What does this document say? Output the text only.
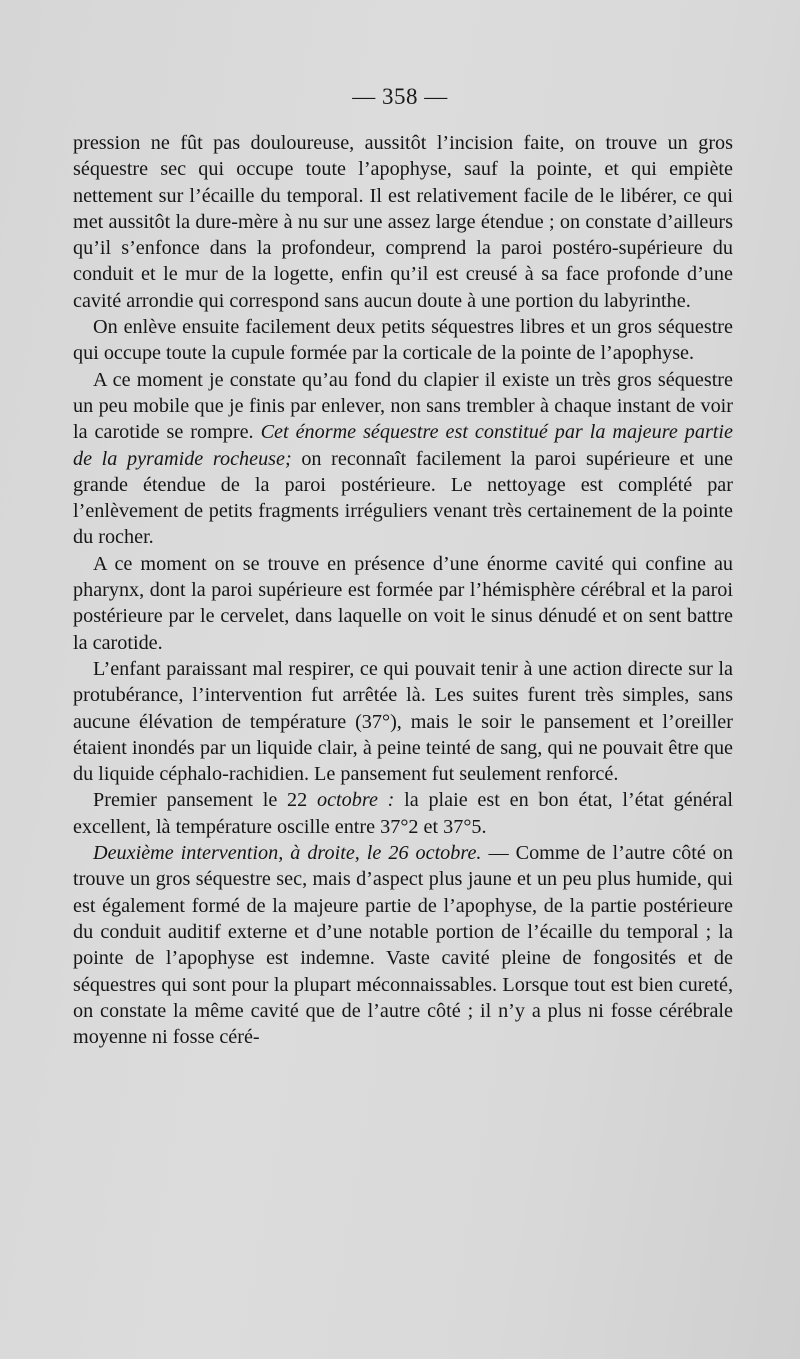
— 358 —

pression ne fût pas douloureuse, aussitôt l’incision faite, on trouve un gros séquestre sec qui occupe toute l’apophyse, sauf la pointe, et qui empiète nettement sur l’écaille du temporal. Il est relativement facile de le libérer, ce qui met aussitôt la dure-mère à nu sur une assez large étendue ; on constate d’ailleurs qu’il s’enfonce dans la profondeur, comprend la paroi postéro-supérieure du conduit et le mur de la logette, enfin qu’il est creusé à sa face profonde d’une cavité arrondie qui correspond sans aucun doute à une portion du labyrinthe.

On enlève ensuite facilement deux petits séquestres libres et un gros séquestre qui occupe toute la cupule formée par la corticale de la pointe de l’apophyse.

A ce moment je constate qu’au fond du clapier il existe un très gros séquestre un peu mobile que je finis par enlever, non sans trembler à chaque instant de voir la carotide se rompre. Cet énorme séquestre est constitué par la majeure partie de la pyramide rocheuse; on reconnaît facilement la paroi supérieure et une grande étendue de la paroi postérieure. Le nettoyage est complété par l’enlèvement de petits fragments irréguliers venant très certainement de la pointe du rocher.

A ce moment on se trouve en présence d’une énorme cavité qui confine au pharynx, dont la paroi supérieure est formée par l’hémisphère cérébral et la paroi postérieure par le cervelet, dans laquelle on voit le sinus dénudé et on sent battre la carotide.

L’enfant paraissant mal respirer, ce qui pouvait tenir à une action directe sur la protubérance, l’intervention fut arrêtée là. Les suites furent très simples, sans aucune élévation de température (37°), mais le soir le pansement et l’oreiller étaient inondés par un liquide clair, à peine teinté de sang, qui ne pouvait être que du liquide céphalo-rachidien. Le pansement fut seulement renforcé.

Premier pansement le 22 octobre : la plaie est en bon état, l’état général excellent, là température oscille entre 37°2 et 37°5.

Deuxième intervention, à droite, le 26 octobre. — Comme de l’autre côté on trouve un gros séquestre sec, mais d’aspect plus jaune et un peu plus humide, qui est également formé de la majeure partie de l’apophyse, de la partie postérieure du conduit auditif externe et d’une notable portion de l’écaille du temporal ; la pointe de l’apophyse est indemne. Vaste cavité pleine de fongosités et de séquestres qui sont pour la plupart méconnaissables. Lorsque tout est bien cureté, on constate la même cavité que de l’autre côté ; il n’y a plus ni fosse cérébrale moyenne ni fosse céré-
